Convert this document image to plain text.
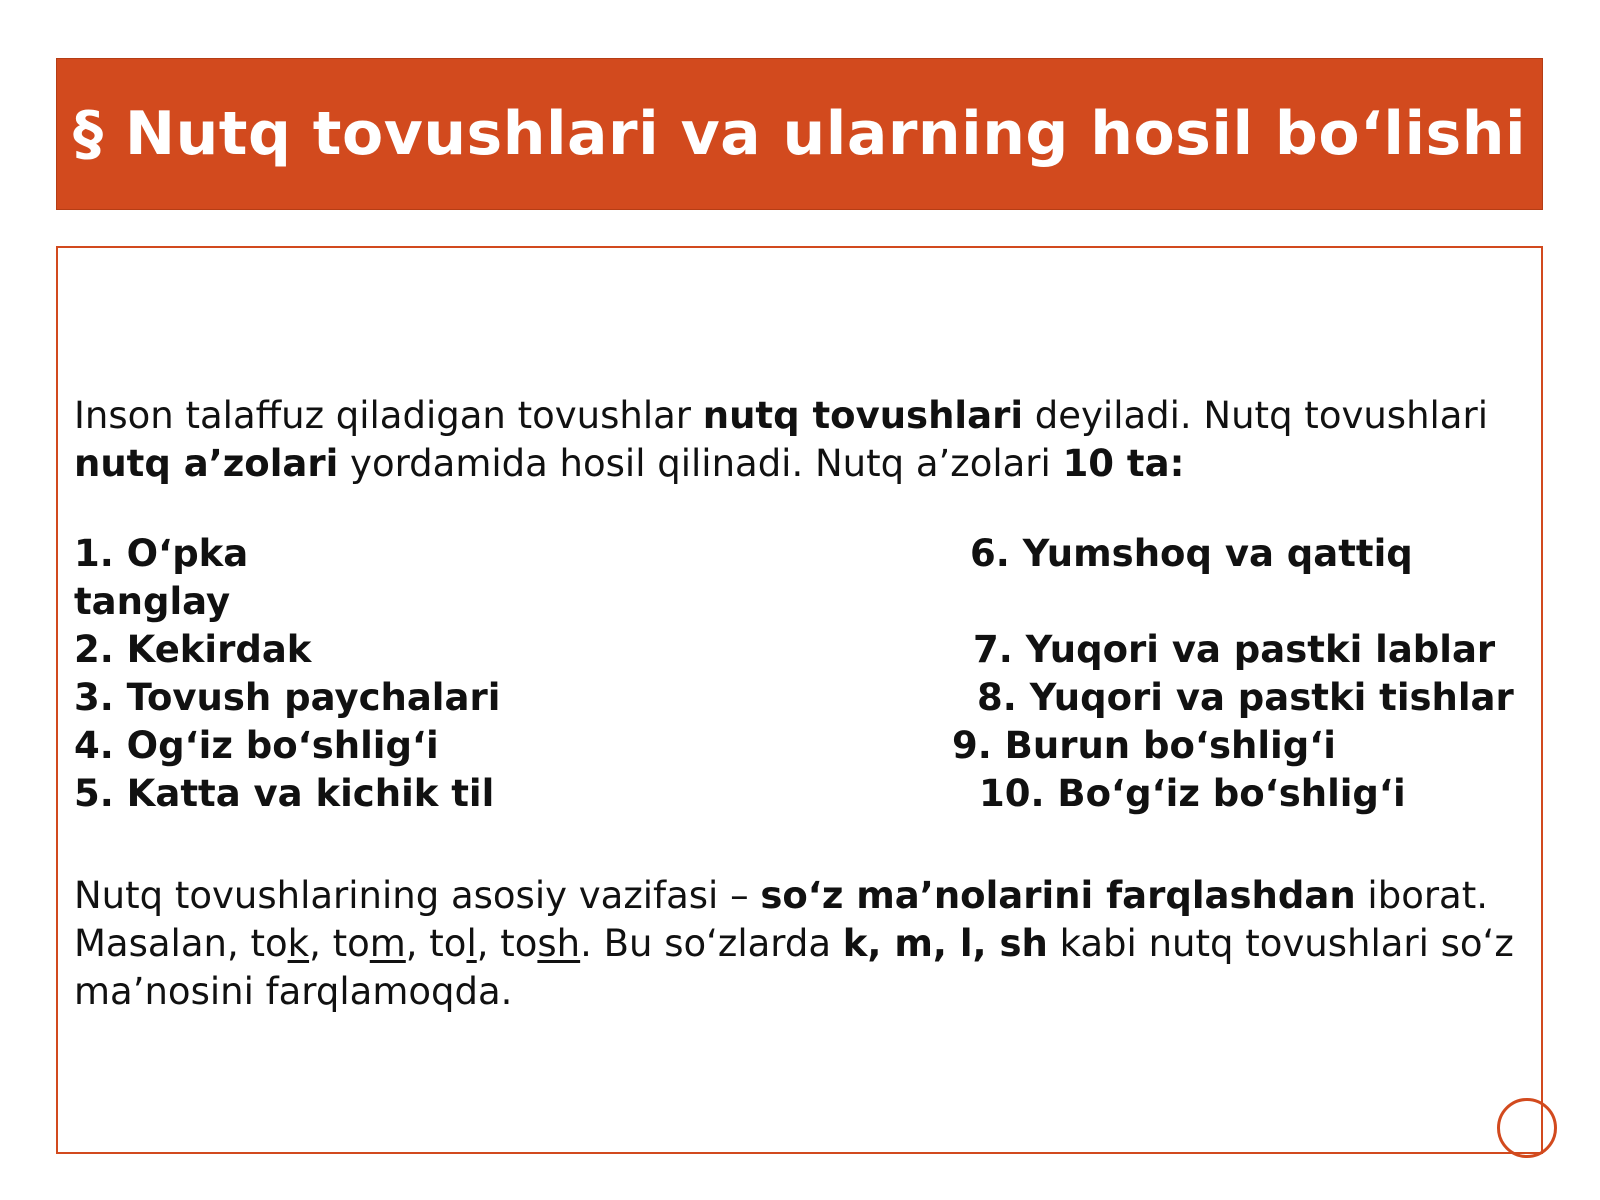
§ Nutq tovushlari va ularning hosil boʻlishi

Inson talaffuz qiladigan tovushlar nutq tovushlari deyiladi. Nutq tovushlari nutq a’zolari yordamida hosil qilinadi. Nutq a’zolari 10 ta:

1. O‘pka
tanglay
2. Kekirdak
3. Tovush paychalari
4. Og‘iz bo‘shlig‘i
5. Katta va kichik til
6. Yumshoq va qattiq
7. Yuqori va pastki lablar
8. Yuqori va pastki tishlar
9. Burun bo‘shlig‘i
10. Bo‘g‘iz bo‘shlig‘i

Nutq tovushlarining asosiy vazifasi – so‘z ma’nolarini farqlashdan iborat. Masalan, tok, tom, tol, tosh. Bu so‘zlarda k, m, l, sh kabi nutq tovushlari so‘z ma’nosini farqlamoqda.
